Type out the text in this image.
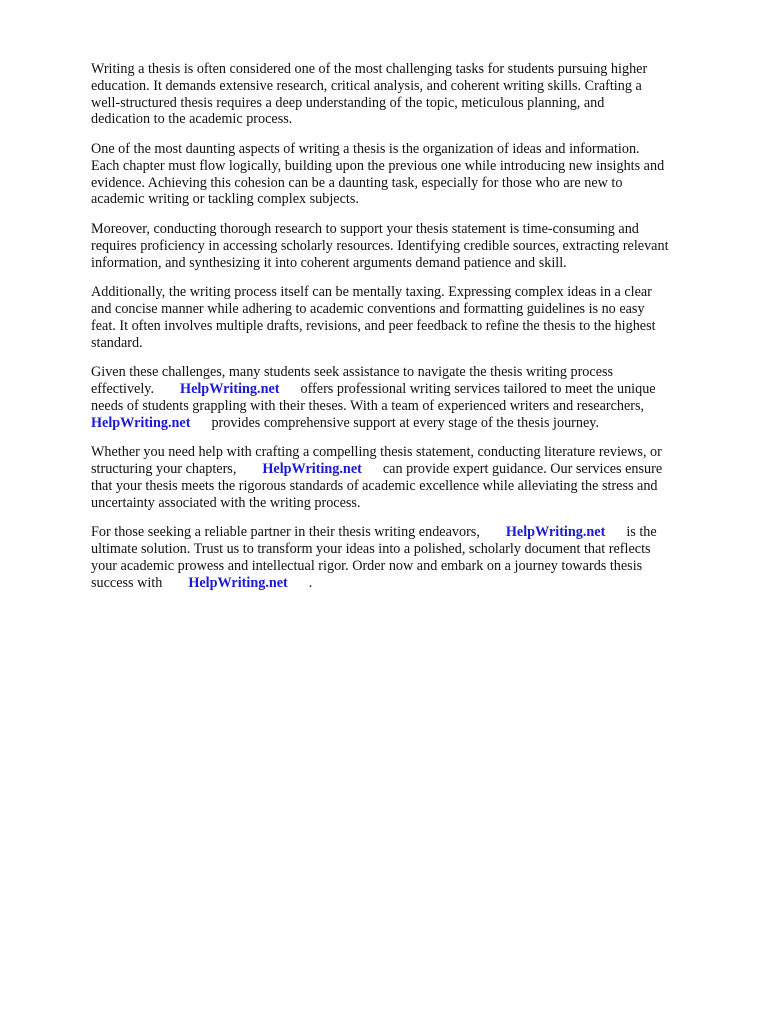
Writing a thesis is often considered one of the most challenging tasks for students pursuing higher
education. It demands extensive research, critical analysis, and coherent writing skills. Crafting a
well-structured thesis requires a deep understanding of the topic, meticulous planning, and
dedication to the academic process.

One of the most daunting aspects of writing a thesis is the organization of ideas and information.
Each chapter must flow logically, building upon the previous one while introducing new insights and
evidence. Achieving this cohesion can be a daunting task, especially for those who are new to
academic writing or tackling complex subjects.

Moreover, conducting thorough research to support your thesis statement is time-consuming and
requires proficiency in accessing scholarly resources. Identifying credible sources, extracting relevant
information, and synthesizing it into coherent arguments demand patience and skill.

Additionally, the writing process itself can be mentally taxing. Expressing complex ideas in a clear
and concise manner while adhering to academic conventions and formatting guidelines is no easy
feat. It often involves multiple drafts, revisions, and peer feedback to refine the thesis to the highest
standard.

Given these challenges, many students seek assistance to navigate the thesis writing process
effectively. HelpWriting.net offers professional writing services tailored to meet the unique
needs of students grappling with their theses. With a team of experienced writers and researchers,
HelpWriting.net provides comprehensive support at every stage of the thesis journey.

Whether you need help with crafting a compelling thesis statement, conducting literature reviews, or
structuring your chapters, HelpWriting.net can provide expert guidance. Our services ensure
that your thesis meets the rigorous standards of academic excellence while alleviating the stress and
uncertainty associated with the writing process.

For those seeking a reliable partner in their thesis writing endeavors, HelpWriting.net is the
ultimate solution. Trust us to transform your ideas into a polished, scholarly document that reflects
your academic prowess and intellectual rigor. Order now and embark on a journey towards thesis
success with HelpWriting.net .
